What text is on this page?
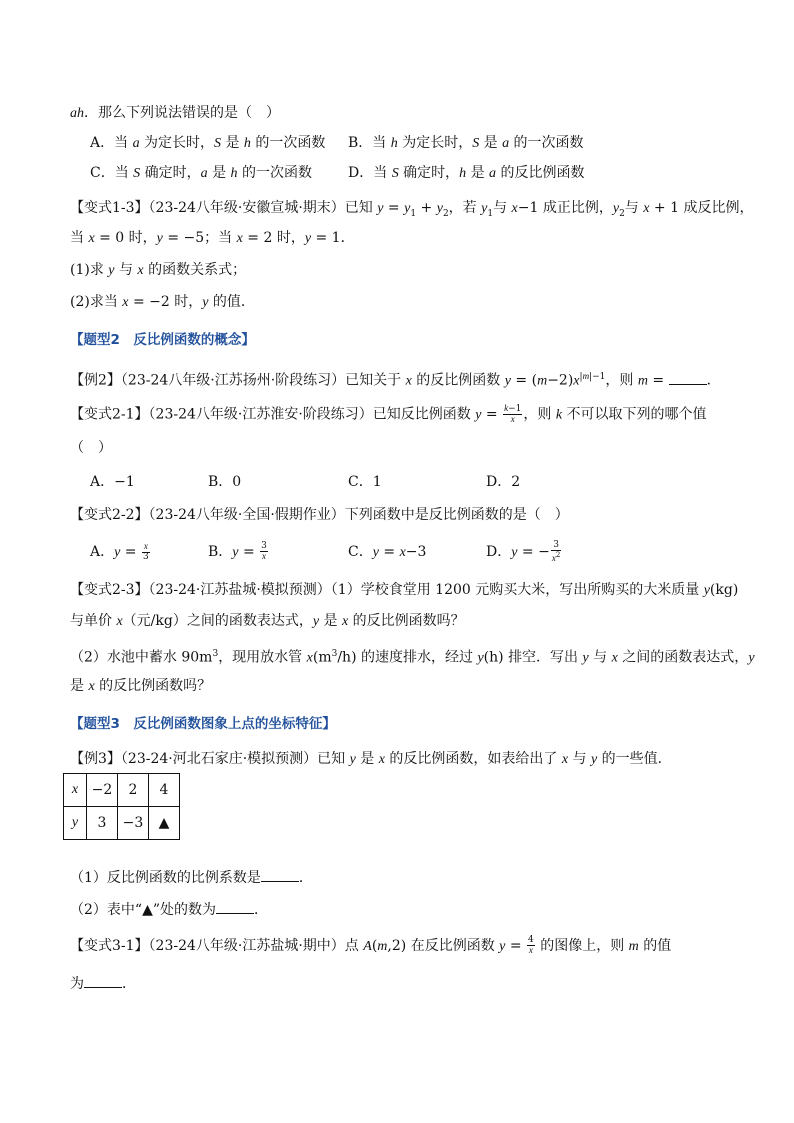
ah．那么下列说法错误的是（　）
A．当 a 为定长时，S 是 h 的一次函数 B．当 h 为定长时，S 是 a 的一次函数
C．当 S 确定时，a 是 h 的一次函数	D．当 S 确定时，h 是 a 的反比例函数
【变式1-3】（23-24八年级·安徽宣城·期末）已知 $y = y_1 + y_2$，若 $y_1$与 x−1 成正比例，$y_2$与 x + 1 成反比例，
当 x = 0 时，y = −5；当 x = 2 时，y = 1．
(1)求 y 与 x 的函数关系式；
(2)求当 x = −2 时，y 的值．
【题型2　反比例函数的概念】
【例2】（23-24八年级·江苏扬州·阶段练习）已知关于 x 的反比例函数 $y = (m-2)x^{|m|-1}$，则 m =	．
【变式2-1】（23-24八年级·江苏淮安·阶段练习）已知反比例函数 $y = \frac{k-1}{x}$ ，则 k 不可以取下列的哪个值
（　）
A．−1	B．0	C．1	D．2
【变式2-2】（23-24八年级·全国·假期作业）下列函数中是反比例函数的是（　）
A．$y = \frac{x}{3}$	B．$y = \frac{3}{x}$	C．y = x−3	D．y = − $\frac{3}{x^2}$
【变式2-3】（23-24·江苏盐城·模拟预测）（1）学校食堂用 1200 元购买大米，写出所购买的大米质量 y(kg)
与单价 x（元/kg）之间的函数表达式，y 是 x 的反比例函数吗？
（2）水池中蓄水 $90m^3$，现用放水管 $x(m^3/h)$ 的速度排水，经过 y(h) 排空．写出 y 与 x 之间的函数表达式，y
是 x 的反比例函数吗？
【题型3　反比例函数图象上点的坐标特征】
【例3】（23-24·河北石家庄·模拟预测）已知 y 是 x 的反比例函数，如表给出了 x 与 y 的一些值．
x	−2	2	4
y	3	−3	▲
（1）反比例函数的比例系数是	．
（2）表中“▲”处的数为	．
【变式3-1】（23-24八年级·江苏盐城·期中）点 A(m,2) 在反比例函数 $y = \frac{4}{x}$ 的图像上，则 m 的值
为	．
